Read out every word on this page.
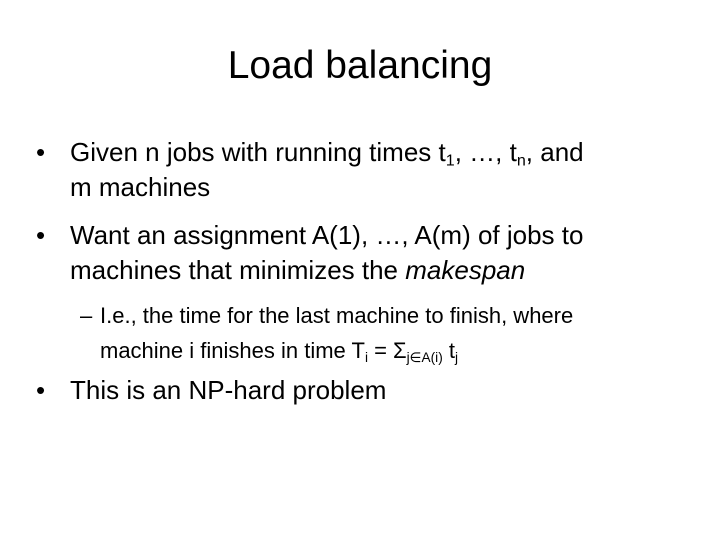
Load balancing
• Given n jobs with running times $t_1$, …, $t_n$, and
m machines
• Want an assignment A(1), …, A(m) of jobs to
machines that minimizes the makespan
– I.e., the time for the last machine to finish, where
machine i finishes in time $T_i = \Sigma_{j\in A(i)}$ $t_j$
• This is an NP-hard problem
